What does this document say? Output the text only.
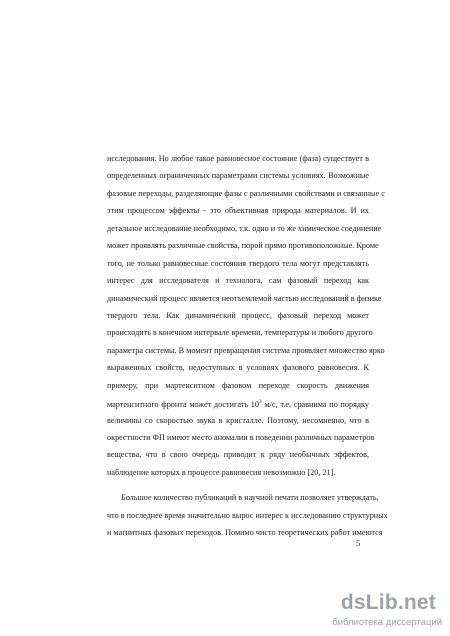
исследования. Но любое такое равновесное состояние (фаза) существует в
определенных ограниченных параметрами системы условиях. Возможные
фазовые переходы, разделяющие фазы с различными свойствами и связанные с
этим процессом эффекты - это объективная природа материалов. И их
детальное исследование необходимо, т.к. одно и то же химическое соединение
может проявлять различные свойства, порой прямо противоположные. Кроме
того, не только равновесные состояния твердого тела могут представлять
интерес для исследователя и технолога, сам фазовый переход как
динамический процесс является неотъемлемой частью исследований в физике
твердого тела. Как динамический процесс, фазовый переход может
происходить в конечном интервале времени, температуры и любого другого
параметра системы. В момент превращения система проявляет множество ярко
выраженных свойств, недоступных в условиях фазового равновесия. К
примеру, при мартенситном фазовом переходе скорость движения
мартенситного фронта может достигать $10^3$ м/с, т.е. сравнима по порядку
величины со скоростью звука в кристалле. Поэтому, несомненно, что в
окрестности ФП имеют место аномалии в поведении различных параметров
вещества, что в свою очередь приводит к ряду необычных эффектов,
наблюдение которых в процессе равновесия невозможно [20, 21].
Большое количество публикаций в научной печати позволяет утверждать,
что в последнее время значительно вырос интерес к исследованию структурных
и магнитных фазовых переходов. Помимо чисто теоретических работ имеются
5
dsLib.net
библиотека диссертаций
